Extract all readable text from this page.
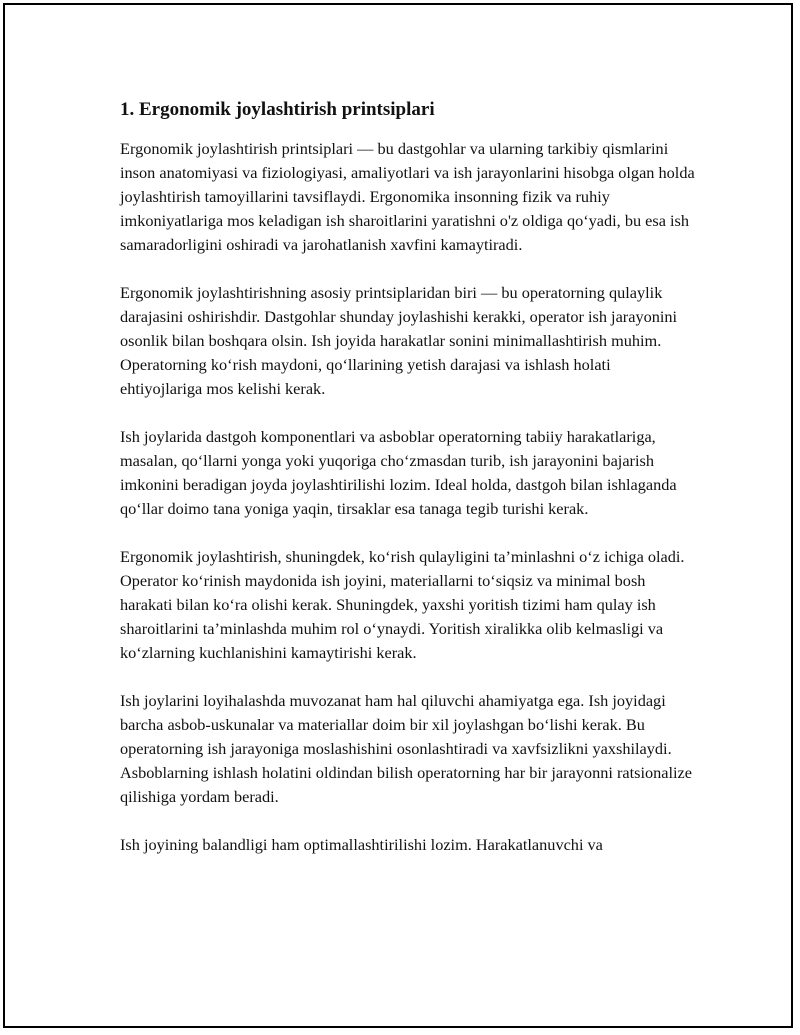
1. Ergonomik joylashtirish printsiplari

Ergonomik joylashtirish printsiplari — bu dastgohlar va ularning tarkibiy qismlarini inson anatomiyasi va fiziologiyasi, amaliyotlari va ish jarayonlarini hisobga olgan holda joylashtirish tamoyillarini tavsiflaydi. Ergonomika insonning fizik va ruhiy imkoniyatlariga mos keladigan ish sharoitlarini yaratishni o'z oldiga qo‘yadi, bu esa ish samaradorligini oshiradi va jarohatlanish xavfini kamaytiradi.

Ergonomik joylashtirishning asosiy printsiplaridan biri — bu operatorning qulaylik darajasini oshirishdir. Dastgohlar shunday joylashishi kerakki, operator ish jarayonini osonlik bilan boshqara olsin. Ish joyida harakatlar sonini minimallashtirish muhim. Operatorning ko‘rish maydoni, qo‘llarining yetish darajasi va ishlash holati ehtiyojlariga mos kelishi kerak.

Ish joylarida dastgoh komponentlari va asboblar operatorning tabiiy harakatlariga, masalan, qo‘llarni yonga yoki yuqoriga cho‘zmasdan turib, ish jarayonini bajarish imkonini beradigan joyda joylashtirilishi lozim. Ideal holda, dastgoh bilan ishlaganda qo‘llar doimo tana yoniga yaqin, tirsaklar esa tanaga tegib turishi kerak.

Ergonomik joylashtirish, shuningdek, ko‘rish qulayligini ta’minlashni o‘z ichiga oladi. Operator ko‘rinish maydonida ish joyini, materiallarni to‘siqsiz va minimal bosh harakati bilan ko‘ra olishi kerak. Shuningdek, yaxshi yoritish tizimi ham qulay ish sharoitlarini ta’minlashda muhim rol o‘ynaydi. Yoritish xiralikka olib kelmasligi va ko‘zlarning kuchlanishini kamaytirishi kerak.

Ish joylarini loyihalashda muvozanat ham hal qiluvchi ahamiyatga ega. Ish joyidagi barcha asbob-uskunalar va materiallar doim bir xil joylashgan bo‘lishi kerak. Bu operatorning ish jarayoniga moslashishini osonlashtiradi va xavfsizlikni yaxshilaydi. Asboblarning ishlash holatini oldindan bilish operatorning har bir jarayonni ratsionalize qilishiga yordam beradi.

Ish joyining balandligi ham optimallashtirilishi lozim. Harakatlanuvchi va
